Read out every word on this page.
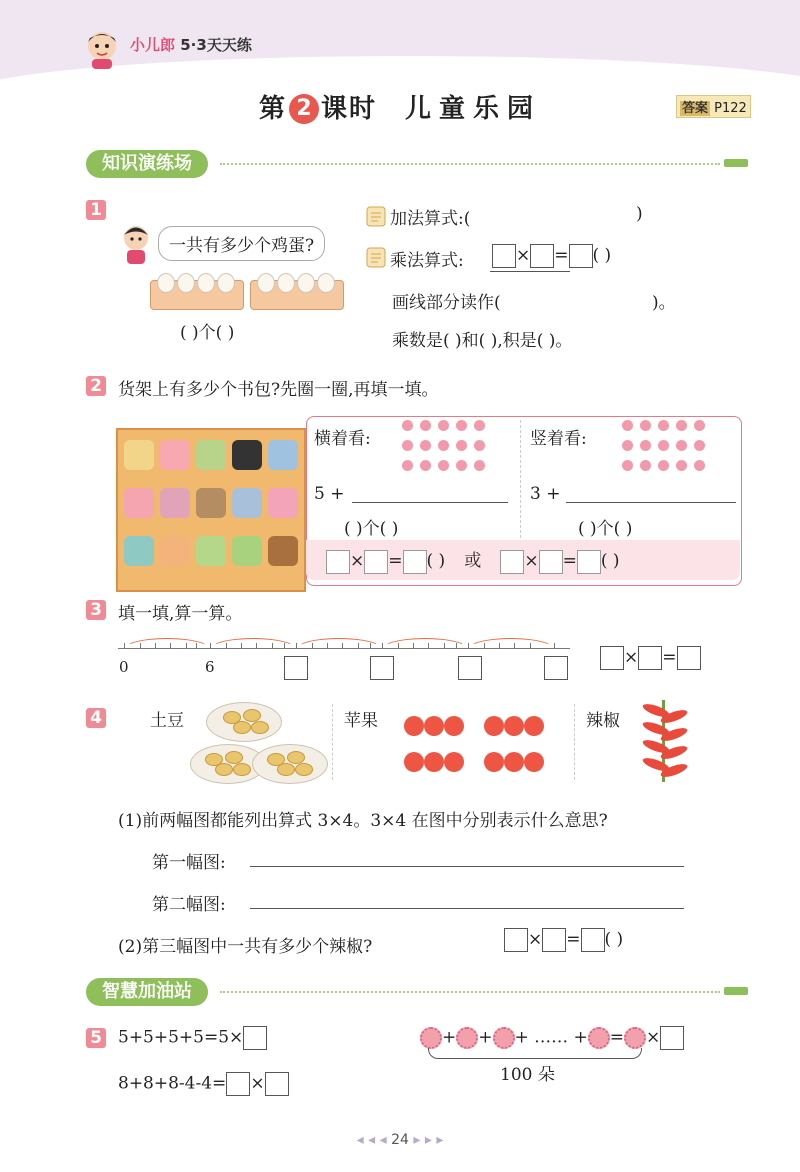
小儿郎 5·3天天练
第 2 课时 儿童乐园	答案 P122
知识演练场
1
一共有多少个鸡蛋?
( )个( )
加法算式:(	)
乘法算式:	× = ( )
画线部分读作(	)。
乘数是( )和( ),积是( )。
2 货架上有多少个书包?先圈一圈,再填一填。
横着看:	竖着看:
5 +	3 +
( )个( )	( )个( )
× = ( ) 或	× = ( )
3 填一填,算一算。
0	6	× =
4	土豆	苹果	辣椒
(1)前两幅图都能列出算式 3×4。3×4 在图中分别表示什么意思?
第一幅图:
第二幅图:
(2)第三幅图中一共有多少个辣椒?	× = ( )
智慧加油站
5 5+5+5+5=5×
8+8+8-4-4= ×
+ + + …… + = ×
100 朵
◂ ◂ ◂ 24 ▸ ▸ ▸
